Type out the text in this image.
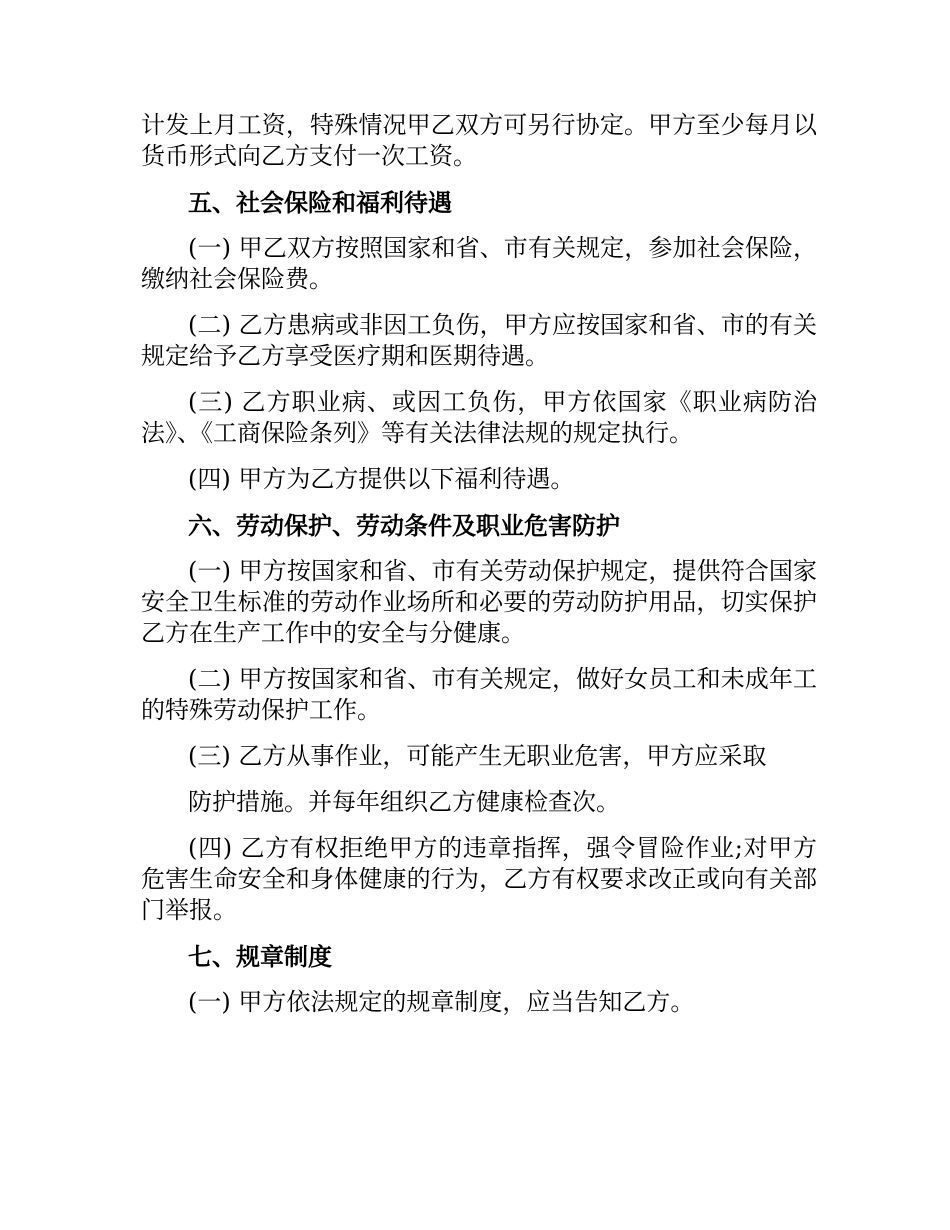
计发上月工资，特殊情况甲乙双方可另行协定。甲方至少每月以货币形式向乙方支付一次工资。

五、社会保险和福利待遇

(一) 甲乙双方按照国家和省、市有关规定，参加社会保险，缴纳社会保险费。

(二) 乙方患病或非因工负伤，甲方应按国家和省、市的有关规定给予乙方享受医疗期和医期待遇。

(三) 乙方职业病、或因工负伤，甲方依国家《职业病防治法》、《工商保险条列》等有关法律法规的规定执行。

(四) 甲方为乙方提供以下福利待遇。

六、劳动保护、劳动条件及职业危害防护

(一) 甲方按国家和省、市有关劳动保护规定，提供符合国家安全卫生标准的劳动作业场所和必要的劳动防护用品，切实保护乙方在生产工作中的安全与分健康。

(二) 甲方按国家和省、市有关规定，做好女员工和未成年工的特殊劳动保护工作。

(三) 乙方从事作业，可能产生无职业危害，甲方应采取

防护措施。并每年组织乙方健康检查次。

(四) 乙方有权拒绝甲方的违章指挥，强令冒险作业;对甲方危害生命安全和身体健康的行为，乙方有权要求改正或向有关部门举报。

七、规章制度

(一) 甲方依法规定的规章制度，应当告知乙方。
